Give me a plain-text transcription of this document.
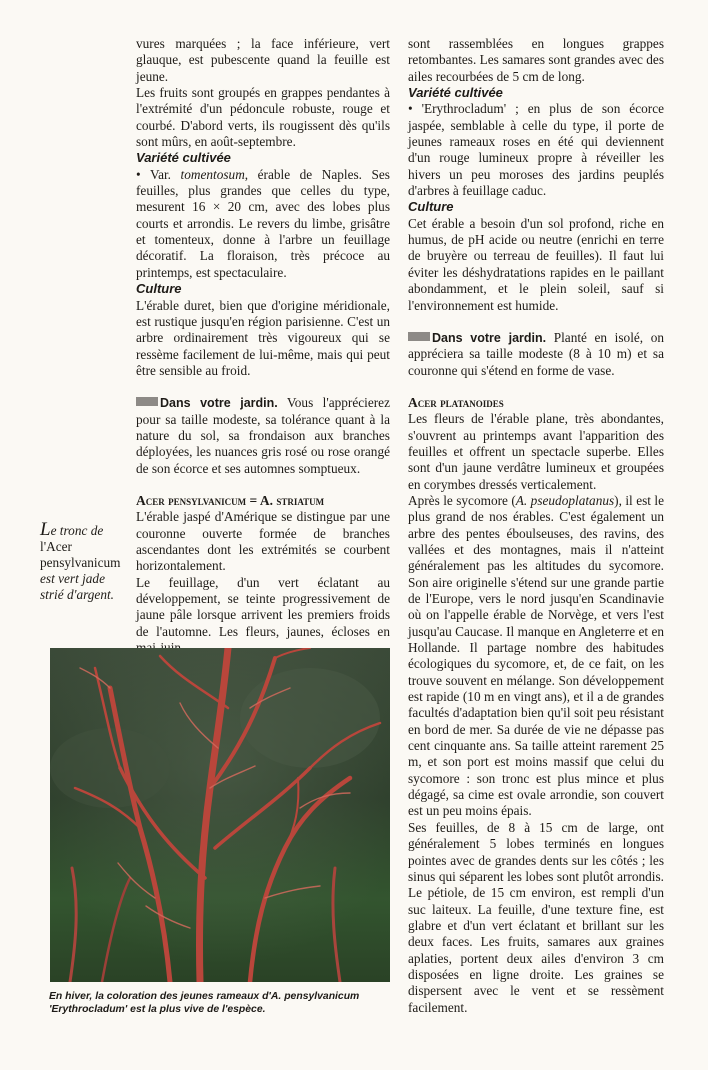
vures marquées ; la face inférieure, vert glauque, est pubescente quand la feuille est jeune.

Les fruits sont groupés en grappes pendantes à l'extrémité d'un pédoncule robuste, rouge et courbé. D'abord verts, ils rougissent dès qu'ils sont mûrs, en août-septembre.

Variété cultivée

• Var. tomentosum, érable de Naples. Ses feuilles, plus grandes que celles du type, mesurent 16 × 20 cm, avec des lobes plus courts et arrondis. Le revers du limbe, grisâtre et tomenteux, donne à l'arbre un feuillage décoratif. La floraison, très précoce au printemps, est spectaculaire.

Culture

L'érable duret, bien que d'origine méridionale, est rustique jusqu'en région parisienne. C'est un arbre ordinairement très vigoureux qui se ressème facilement de lui-même, mais qui peut être sensible au froid.

Dans votre jardin. Vous l'apprécierez pour sa taille modeste, sa tolérance quant à la nature du sol, sa frondaison aux branches déployées, les nuances gris rosé ou rose orangé de son écorce et ses automnes somptueux.

Acer pensylvanicum = A. striatum

L'érable jaspé d'Amérique se distingue par une couronne ouverte formée de branches ascendantes dont les extrémités se courbent horizontalement.

Le feuillage, d'un vert éclatant au développement, se teinte progressivement de jaune pâle lorsque arrivent les premiers froids de l'automne. Les fleurs, jaunes, écloses en

Le tronc de l'Acer pensylvanicum est vert jade strié d'argent.
En hiver, la coloration des jeunes rameaux d'A. pensylvanicum 'Erythrocladum' est la plus vive de l'espèce.

sont rassemblées en longues grappes retombantes. Les samares sont grandes avec des ailes recourbées de 5 cm de long.

Variété cultivée

• 'Erythrocladum' ; en plus de son écorce jaspée, semblable à celle du type, il porte de jeunes rameaux roses en été qui deviennent d'un rouge lumineux propre à réveiller les hivers un peu moroses des jardins peuplés d'arbres à feuillage caduc.

Culture

Cet érable a besoin d'un sol profond, riche en humus, de pH acide ou neutre (enrichi en terre de bruyère ou terreau de feuilles). Il faut lui éviter les déshydratations rapides en le paillant abondamment, et le plein soleil, sauf si l'environnement est humide.

Dans votre jardin. Planté en isolé, on appréciera sa taille modeste (8 à 10 m) et sa couronne qui s'étend en forme de vase.

Acer platanoides

Les fleurs de l'érable plane, très abondantes, s'ouvrent au printemps avant l'apparition des feuilles et offrent un spectacle superbe. Elles sont d'un jaune verdâtre lumineux et groupées en corymbes dressés verticalement.

Après le sycomore (A. pseudoplatanus), il est le plus grand de nos érables. C'est également un arbre des pentes éboulseuses, des ravins, des vallées et des montagnes, mais il n'atteint généralement pas les altitudes du sycomore. Son aire originelle s'étend sur une grande partie de l'Europe, vers le nord jusqu'en Scandinavie où on l'appelle érable de Norvège, et vers l'est jusqu'au Caucase. Il manque en Angleterre et en Hollande. Il partage nombre des habitudes écologiques du sycomore, et, de ce fait, on les trouve souvent en mélange. Son développement est rapide (10 m en vingt ans), et il a de grandes facultés d'adaptation bien qu'il soit peu résistant en bord de mer. Sa durée de vie ne dépasse pas cent cinquante ans. Sa taille atteint rarement 25 m, et son port est moins massif que celui du sycomore : son tronc est plus mince et plus dégagé, sa cime est ovale arrondie, son couvert est un peu moins épais.

Ses feuilles, de 8 à 15 cm de large, ont généralement 5 lobes terminés en longues pointes avec de grandes dents sur les côtés ; les sinus qui séparent les lobes sont plutôt arrondis. Le pétiole, de 15 cm environ, est rempli d'un suc laiteux. La feuille, d'une texture fine, est glabre et d'un vert éclatant et brillant sur les deux faces. Les fruits, samares aux graines aplaties, portent deux ailes d'environ 3 cm disposées en ligne droite. Les graines se dispersent avec le vent et se ressèment facilement.
